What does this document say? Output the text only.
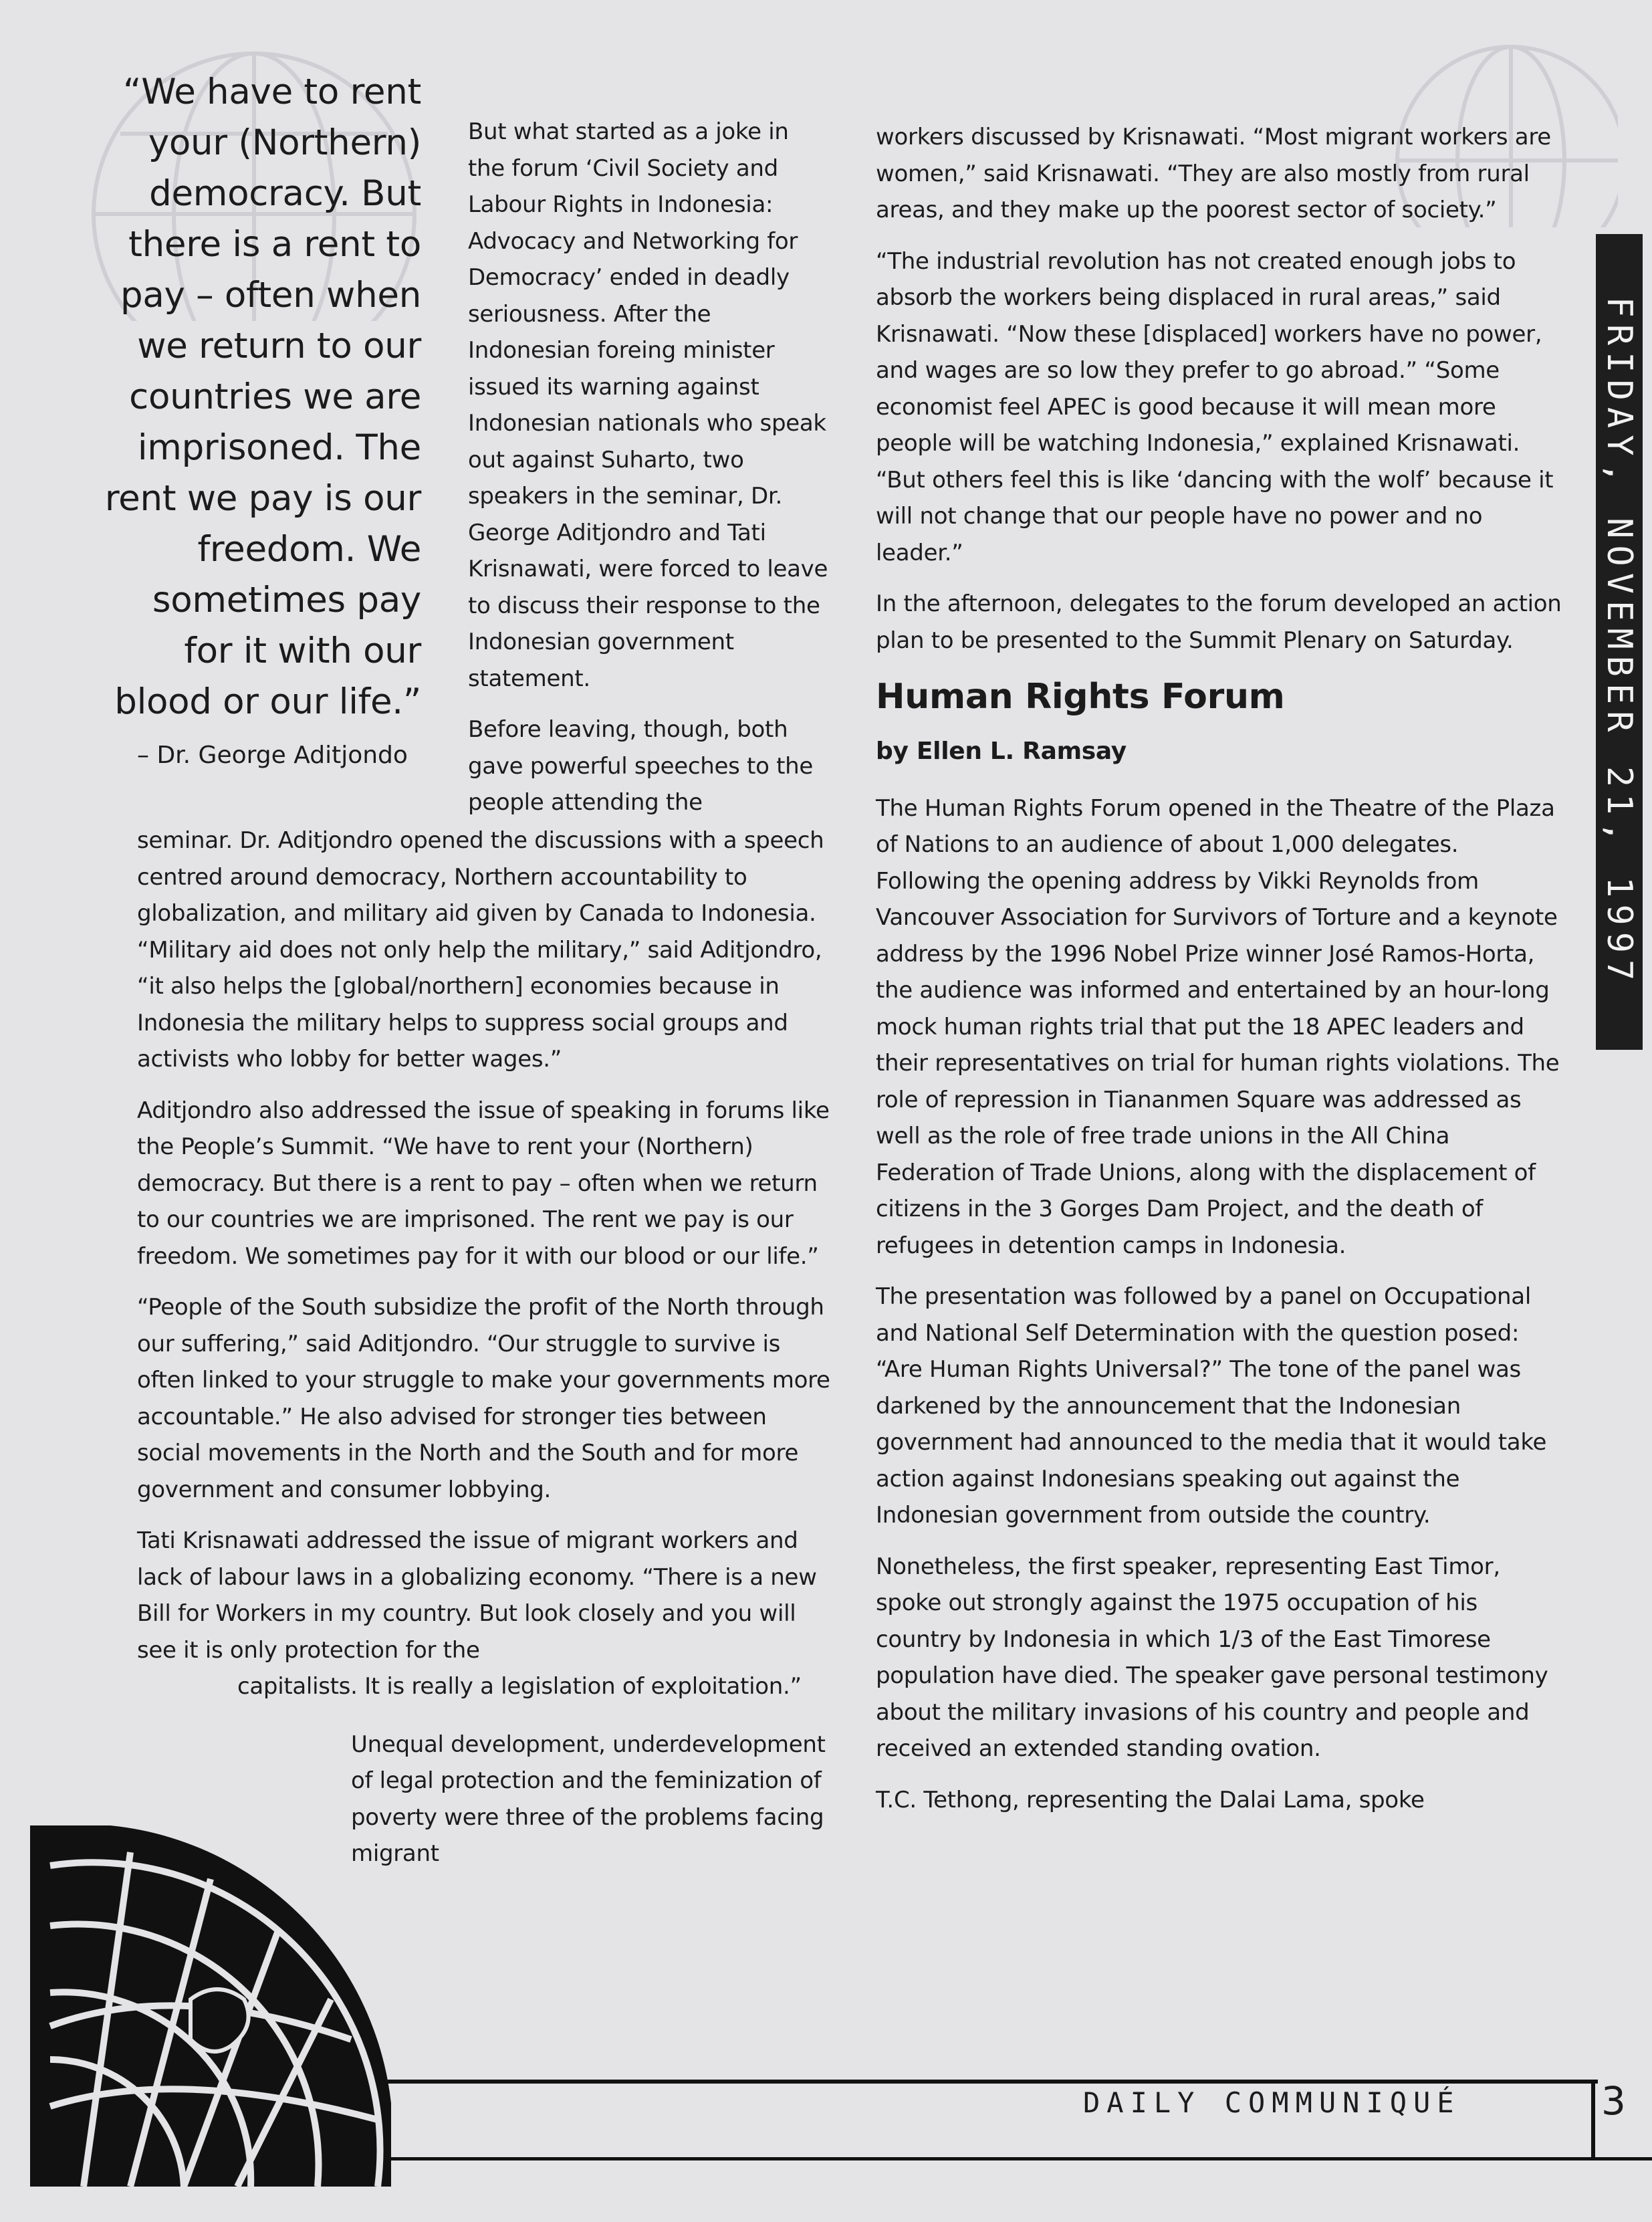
“We have to rent
your (Northern)
democracy. But
there is a rent to
pay – often when
we return to our
countries we are
imprisoned. The
rent we pay is our
freedom. We
sometimes pay
for it with our
blood or our life.”
– Dr. George Aditjondo

But what started as a joke in the forum ‘Civil Society and Labour Rights in Indonesia: Advocacy and Networking for Democracy’ ended in deadly seriousness. After the Indonesian foreing minister issued its warning against Indonesian nationals who speak out against Suharto, two speakers in the seminar, Dr. George Aditjondro and Tati Krisnawati, were forced to leave to discuss their response to the Indonesian government statement.

Before leaving, though, both gave powerful speeches to the people attending the

seminar. Dr. Aditjondro opened the discussions with a speech centred around democracy, Northern accountability to globalization, and military aid given by Canada to Indonesia. “Military aid does not only help the military,” said Aditjondro, “it also helps the [global/northern] economies because in Indonesia the military helps to suppress social groups and activists who lobby for better wages.”

Aditjondro also addressed the issue of speaking in forums like the People’s Summit. “We have to rent your (Northern) democracy. But there is a rent to pay – often when we return to our countries we are imprisoned. The rent we pay is our freedom. We sometimes pay for it with our blood or our life.”

“People of the South subsidize the profit of the North through our suffering,” said Aditjondro. “Our struggle to survive is often linked to your struggle to make your governments more accountable.” He also advised for stronger ties between social movements in the North and the South and for more government and consumer lobbying.

Tati Krisnawati addressed the issue of migrant workers and lack of labour laws in a globalizing economy. “There is a new Bill for Workers in my country. But look closely and you will see it is only protection for the

capitalists. It is really a legislation of exploitation.”

Unequal development, underdevelopment of legal protection and the feminization of poverty were three of the problems facing migrant

workers discussed by Krisnawati. “Most migrant workers are women,” said Krisnawati. “They are also mostly from rural areas, and they make up the poorest sector of society.”

“The industrial revolution has not created enough jobs to absorb the workers being displaced in rural areas,” said Krisnawati. “Now these [displaced] workers have no power, and wages are so low they prefer to go abroad.” “Some economist feel APEC is good because it will mean more people will be watching Indonesia,” explained Krisnawati. “But others feel this is like ‘dancing with the wolf’ because it will not change that our people have no power and no leader.”

In the afternoon, delegates to the forum developed an action plan to be presented to the Summit Plenary on Saturday.

Human Rights Forum
by Ellen L. Ramsay

The Human Rights Forum opened in the Theatre of the Plaza of Nations to an audience of about 1,000 delegates. Following the opening address by Vikki Reynolds from Vancouver Association for Survivors of Torture and a keynote address by the 1996 Nobel Prize winner José Ramos-Horta, the audience was informed and entertained by an hour-long mock human rights trial that put the 18 APEC leaders and their representatives on trial for human rights violations. The role of repression in Tiananmen Square was addressed as well as the role of free trade unions in the All China Federation of Trade Unions, along with the displacement of citizens in the 3 Gorges Dam Project, and the death of refugees in detention camps in Indonesia.

The presentation was followed by a panel on Occupational and National Self Determination with the question posed: “Are Human Rights Universal?” The tone of the panel was darkened by the announcement that the Indonesian government had announced to the media that it would take action against Indonesians speaking out against the Indonesian government from outside the country.

Nonetheless, the first speaker, representing East Timor, spoke out strongly against the 1975 occupation of his country by Indonesia in which 1/3 of the East Timorese population have died. The speaker gave personal testimony about the military invasions of his country and people and received an extended standing ovation.

T.C. Tethong, representing the Dalai Lama, spoke

FRIDAY, NOVEMBER 21, 1997
DAILY COMMUNIQUÉ	3
